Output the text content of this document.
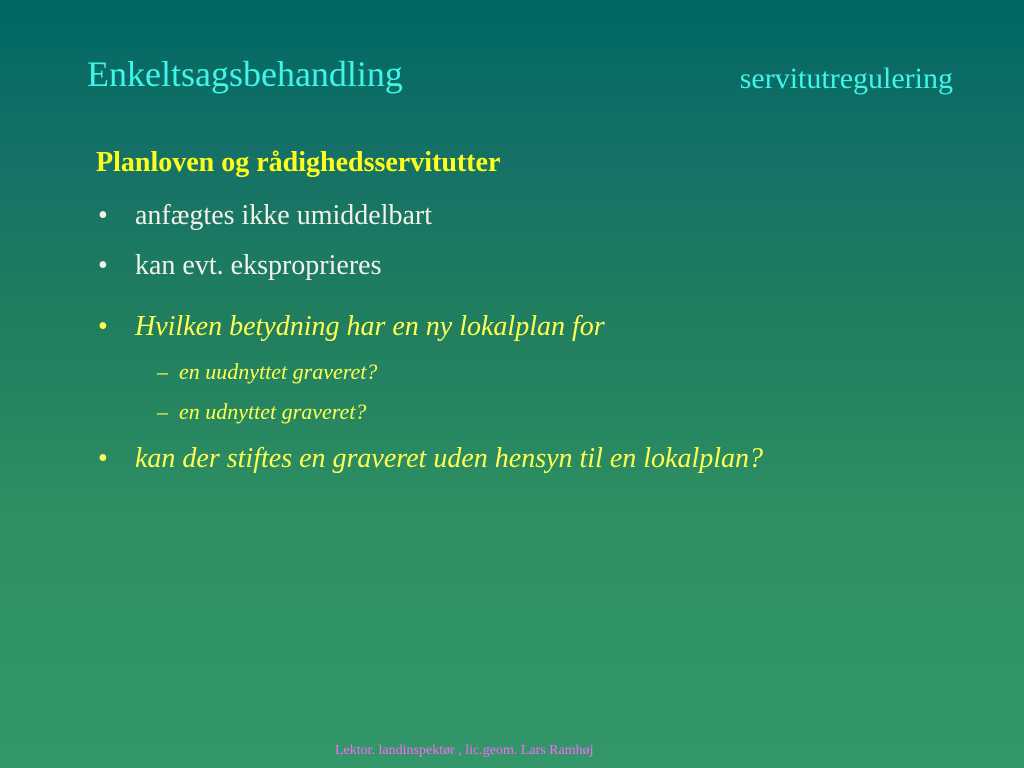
Enkeltsagsbehandling	servitutregulering
Planloven og rådighedsservitutter
• anfægtes ikke umiddelbart
• kan evt. eksproprieres
• Hvilken betydning har en ny lokalplan for
– en uudnyttet graveret?
– en udnyttet graveret?
• kan der stiftes en graveret uden hensyn til en lokalplan?
Lektor. landinspektør , lic.geom. Lars Ramhøj
